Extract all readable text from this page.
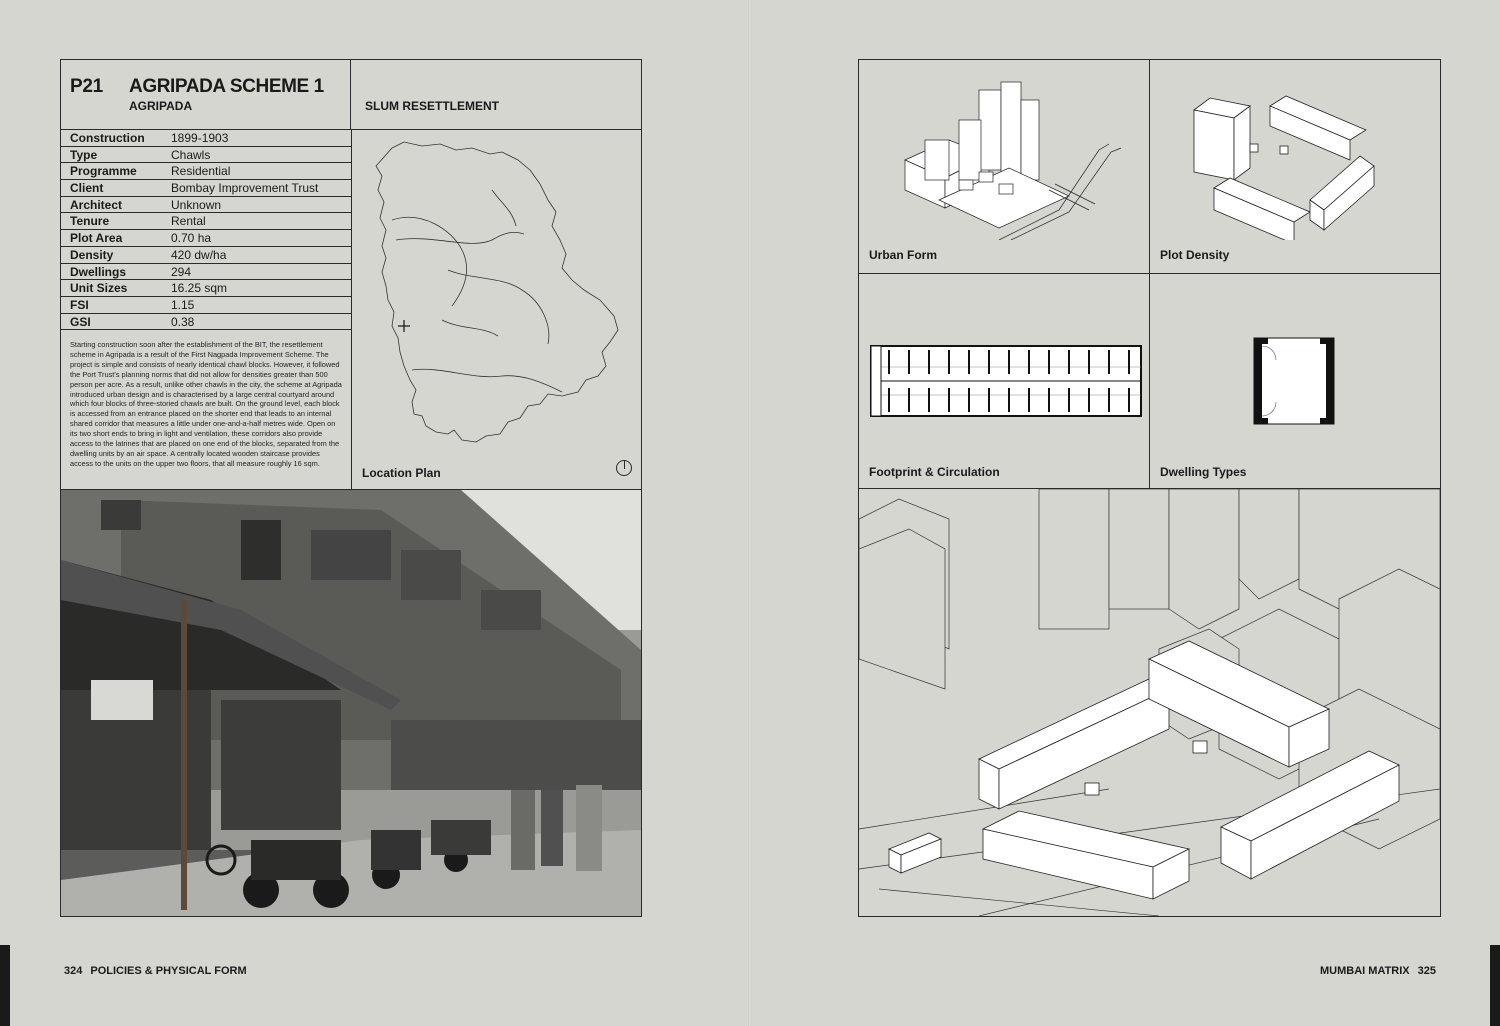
P21 AGRIPADA SCHEME 1
AGRIPADA	SLUM RESETTLEMENT
Construction	1899-1903
Type	Chawls
Programme	Residential
Client	Bombay Improvement Trust
Architect	Unknown
Tenure	Rental
Plot Area	0.70 ha
Density	420 dw/ha
Dwellings	294
Unit Sizes	16.25 sqm
FSI	1.15
GSI	0.38
Starting construction soon after the establishment of the BIT, the resettlement scheme in Agripada is a result of the First Nagpada Improvement Scheme. The project is simple and consists of nearly identical chawl blocks. However, it followed the Port Trust's planning norms that did not allow for densities greater than 500 person per acre. As a result, unlike other chawls in the city, the scheme at Agripada introduced urban design and is characterised by a large central courtyard around which four blocks of three-storied chawls are built. On the ground level, each block is accessed from an entrance placed on the shorter end that leads to an internal shared corridor that measures a little under one-and-a-half metres wide. Open on its two short ends to bring in light and ventilation, these corridors also provide access to the latrines that are placed on one end of the blocks, separated from the dwelling units by an air space. A centrally located wooden staircase provides access to the units on the upper two floors, that all measure roughly 16 sqm.
Location Plan
324 POLICIES & PHYSICAL FORM
Urban Form	Plot Density
Footprint & Circulation	Dwelling Types
MUMBAI MATRIX 325
